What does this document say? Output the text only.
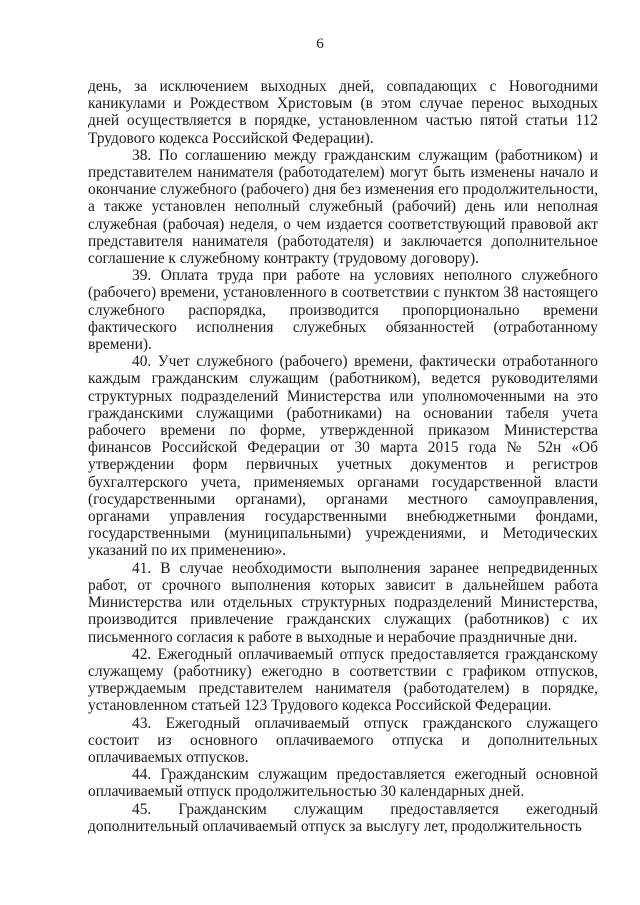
6

день, за исключением выходных дней, совпадающих с Новогодними каникулами и Рождеством Христовым (в этом случае перенос выходных дней осуществляется в порядке, установленном частью пятой статьи 112 Трудового кодекса Российской Федерации).

38. По соглашению между гражданским служащим (работником) и представителем нанимателя (работодателем) могут быть изменены начало и окончание служебного (рабочего) дня без изменения его продолжительности, а также установлен неполный служебный (рабочий) день или неполная служебная (рабочая) неделя, о чем издается соответствующий правовой акт представителя нанимателя (работодателя) и заключается дополнительное соглашение к служебному контракту (трудовому договору).

39. Оплата труда при работе на условиях неполного служебного (рабочего) времени, установленного в соответствии с пунктом 38 настоящего служебного распорядка, производится пропорционально времени фактического исполнения служебных обязанностей (отработанному времени).

40. Учет служебного (рабочего) времени, фактически отработанного каждым гражданским служащим (работником), ведется руководителями структурных подразделений Министерства или уполномоченными на это гражданскими служащими (работниками) на основании табеля учета рабочего времени по форме, утвержденной приказом Министерства финансов Российской Федерации от 30 марта 2015 года № 52н «Об утверждении форм первичных учетных документов и регистров бухгалтерского учета, применяемых органами государственной власти (государственными органами), органами местного самоуправления, органами управления государственными внебюджетными фондами, государственными (муниципальными) учреждениями, и Методических указаний по их применению».

41. В случае необходимости выполнения заранее непредвиденных работ, от срочного выполнения которых зависит в дальнейшем работа Министерства или отдельных структурных подразделений Министерства, производится привлечение гражданских служащих (работников) с их письменного согласия к работе в выходные и нерабочие праздничные дни.

42. Ежегодный оплачиваемый отпуск предоставляется гражданскому служащему (работнику) ежегодно в соответствии с графиком отпусков, утверждаемым представителем нанимателя (работодателем) в порядке, установленном статьей 123 Трудового кодекса Российской Федерации.

43. Ежегодный оплачиваемый отпуск гражданского служащего состоит из основного оплачиваемого отпуска и дополнительных оплачиваемых отпусков.

44. Гражданским служащим предоставляется ежегодный основной оплачиваемый отпуск продолжительностью 30 календарных дней.

45. Гражданским служащим предоставляется ежегодный дополнительный оплачиваемый отпуск за выслугу лет, продолжительность
